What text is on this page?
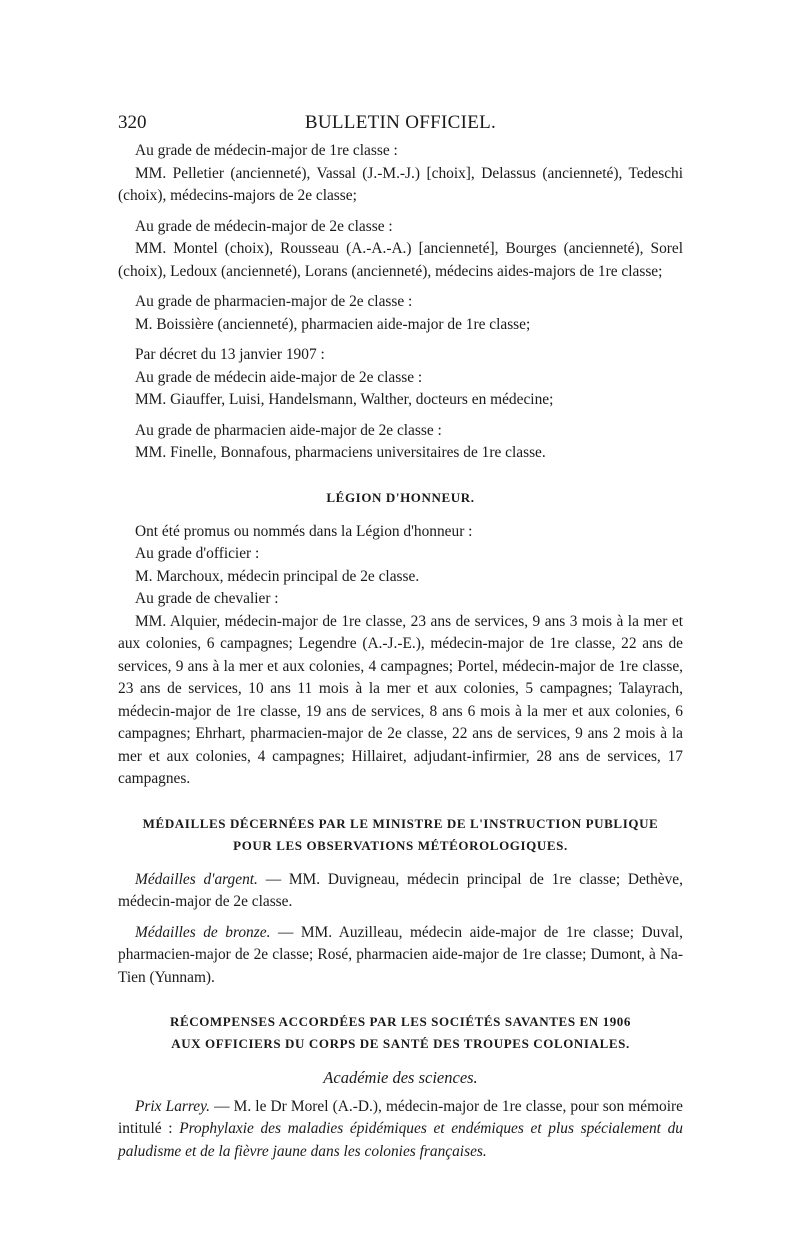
320	BULLETIN OFFICIEL.

Au grade de médecin-major de 1re classe :

MM. Pelletier (ancienneté), Vassal (J.-M.-J.) [choix], Delassus (ancienneté), Tedeschi (choix), médecins-majors de 2e classe;

Au grade de médecin-major de 2e classe :

MM. Montel (choix), Rousseau (A.-A.-A.) [ancienneté], Bourges (ancienneté), Sorel (choix), Ledoux (ancienneté), Lorans (ancienneté), médecins aides-majors de 1re classe;

Au grade de pharmacien-major de 2e classe :

M. Boissière (ancienneté), pharmacien aide-major de 1re classe;

Par décret du 13 janvier 1907 :

Au grade de médecin aide-major de 2e classe :

MM. Giauffer, Luisi, Handelsmann, Walther, docteurs en médecine;

Au grade de pharmacien aide-major de 2e classe :

MM. Finelle, Bonnafous, pharmaciens universitaires de 1re classe.

LÉGION D'HONNEUR.

Ont été promus ou nommés dans la Légion d'honneur :

Au grade d'officier :

M. Marchoux, médecin principal de 2e classe.

Au grade de chevalier :

MM. Alquier, médecin-major de 1re classe, 23 ans de services, 9 ans 3 mois à la mer et aux colonies, 6 campagnes; Legendre (A.-J.-E.), médecin-major de 1re classe, 22 ans de services, 9 ans à la mer et aux colonies, 4 campagnes; Portel, médecin-major de 1re classe, 23 ans de services, 10 ans 11 mois à la mer et aux colonies, 5 campagnes; Talayrach, médecin-major de 1re classe, 19 ans de services, 8 ans 6 mois à la mer et aux colonies, 6 campagnes; Ehrhart, pharmacien-major de 2e classe, 22 ans de services, 9 ans 2 mois à la mer et aux colonies, 4 campagnes; Hillairet, adjudant-infirmier, 28 ans de services, 17 campagnes.

MÉDAILLES DÉCERNÉES PAR LE MINISTRE DE L'INSTRUCTION PUBLIQUE
POUR LES OBSERVATIONS MÉTÉOROLOGIQUES.

Médailles d'argent. — MM. Duvigneau, médecin principal de 1re classe; Dethève, médecin-major de 2e classe.

Médailles de bronze. — MM. Auzilleau, médecin aide-major de 1re classe; Duval, pharmacien-major de 2e classe; Rosé, pharmacien aide-major de 1re classe; Dumont, à Na-Tien (Yunnam).

RÉCOMPENSES ACCORDÉES PAR LES SOCIÉTÉS SAVANTES EN 1906
AUX OFFICIERS DU CORPS DE SANTÉ DES TROUPES COLONIALES.

Académie des sciences.

Prix Larrey. — M. le Dr Morel (A.-D.), médecin-major de 1re classe, pour son mémoire intitulé : Prophylaxie des maladies épidémiques et endémiques et plus spécialement du paludisme et de la fièvre jaune dans les colonies françaises.
